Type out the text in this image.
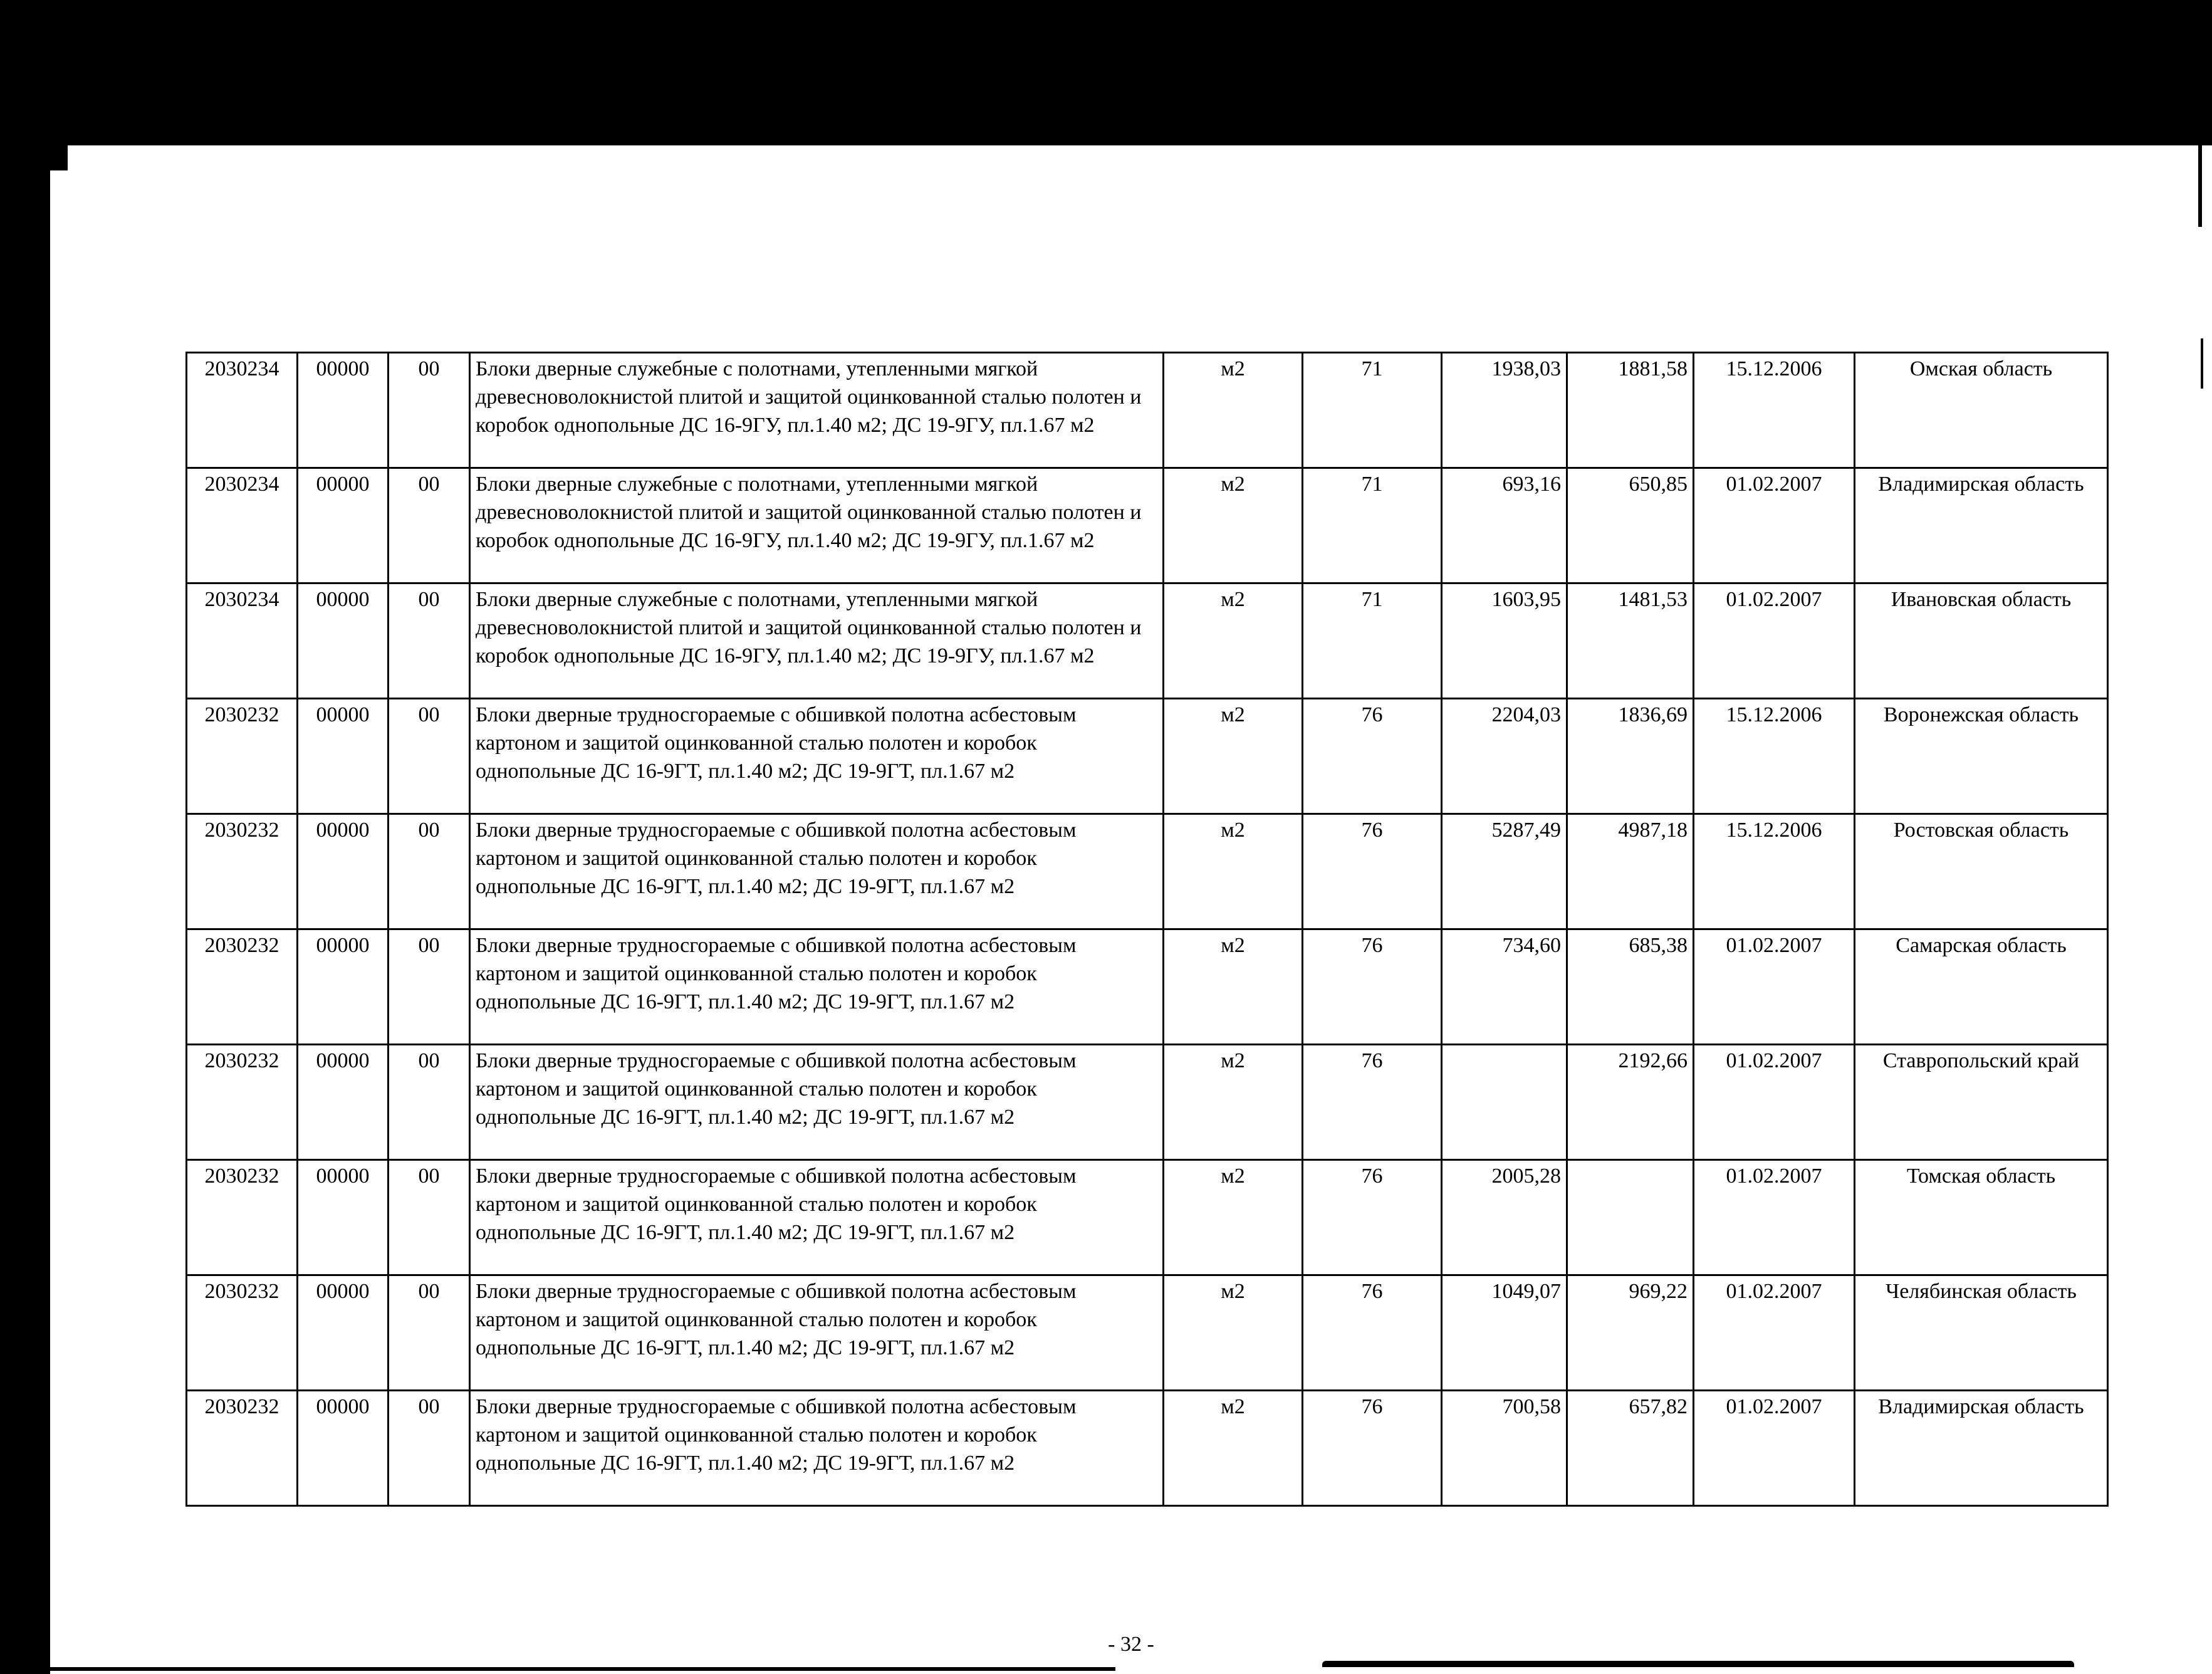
2030234	00000	00	Блоки дверные служебные с полотнами, утепленными мягкой древесноволокнистой плитой и защитой оцинкованной сталью полотен и коробок однопольные ДС 16-9ГУ, пл.1.40 м2; ДС 19-9ГУ, пл.1.67 м2	м2	71	1938,03	1881,58	15.12.2006	Омская область
2030234	00000	00	Блоки дверные служебные с полотнами, утепленными мягкой древесноволокнистой плитой и защитой оцинкованной сталью полотен и коробок однопольные ДС 16-9ГУ, пл.1.40 м2; ДС 19-9ГУ, пл.1.67 м2	м2	71	693,16	650,85	01.02.2007	Владимирская область
2030234	00000	00	Блоки дверные служебные с полотнами, утепленными мягкой древесноволокнистой плитой и защитой оцинкованной сталью полотен и коробок однопольные ДС 16-9ГУ, пл.1.40 м2; ДС 19-9ГУ, пл.1.67 м2	м2	71	1603,95	1481,53	01.02.2007	Ивановская область
2030232	00000	00	Блоки дверные трудносгораемые с обшивкой полотна асбестовым картоном и защитой оцинкованной сталью полотен и коробок однопольные ДС 16-9ГТ, пл.1.40 м2; ДС 19-9ГТ, пл.1.67 м2	м2	76	2204,03	1836,69	15.12.2006	Воронежская область
2030232	00000	00	Блоки дверные трудносгораемые с обшивкой полотна асбестовым картоном и защитой оцинкованной сталью полотен и коробок однопольные ДС 16-9ГТ, пл.1.40 м2; ДС 19-9ГТ, пл.1.67 м2	м2	76	5287,49	4987,18	15.12.2006	Ростовская область
2030232	00000	00	Блоки дверные трудносгораемые с обшивкой полотна асбестовым картоном и защитой оцинкованной сталью полотен и коробок однопольные ДС 16-9ГТ, пл.1.40 м2; ДС 19-9ГТ, пл.1.67 м2	м2	76	734,60	685,38	01.02.2007	Самарская область
2030232	00000	00	Блоки дверные трудносгораемые с обшивкой полотна асбестовым картоном и защитой оцинкованной сталью полотен и коробок однопольные ДС 16-9ГТ, пл.1.40 м2; ДС 19-9ГТ, пл.1.67 м2	м2	76		2192,66	01.02.2007	Ставропольский край
2030232	00000	00	Блоки дверные трудносгораемые с обшивкой полотна асбестовым картоном и защитой оцинкованной сталью полотен и коробок однопольные ДС 16-9ГТ, пл.1.40 м2; ДС 19-9ГТ, пл.1.67 м2	м2	76	2005,28		01.02.2007	Томская область
2030232	00000	00	Блоки дверные трудносгораемые с обшивкой полотна асбестовым картоном и защитой оцинкованной сталью полотен и коробок однопольные ДС 16-9ГТ, пл.1.40 м2; ДС 19-9ГТ, пл.1.67 м2	м2	76	1049,07	969,22	01.02.2007	Челябинская область
2030232	00000	00	Блоки дверные трудносгораемые с обшивкой полотна асбестовым картоном и защитой оцинкованной сталью полотен и коробок однопольные ДС 16-9ГТ, пл.1.40 м2; ДС 19-9ГТ, пл.1.67 м2	м2	76	700,58	657,82	01.02.2007	Владимирская область
- 32 -
